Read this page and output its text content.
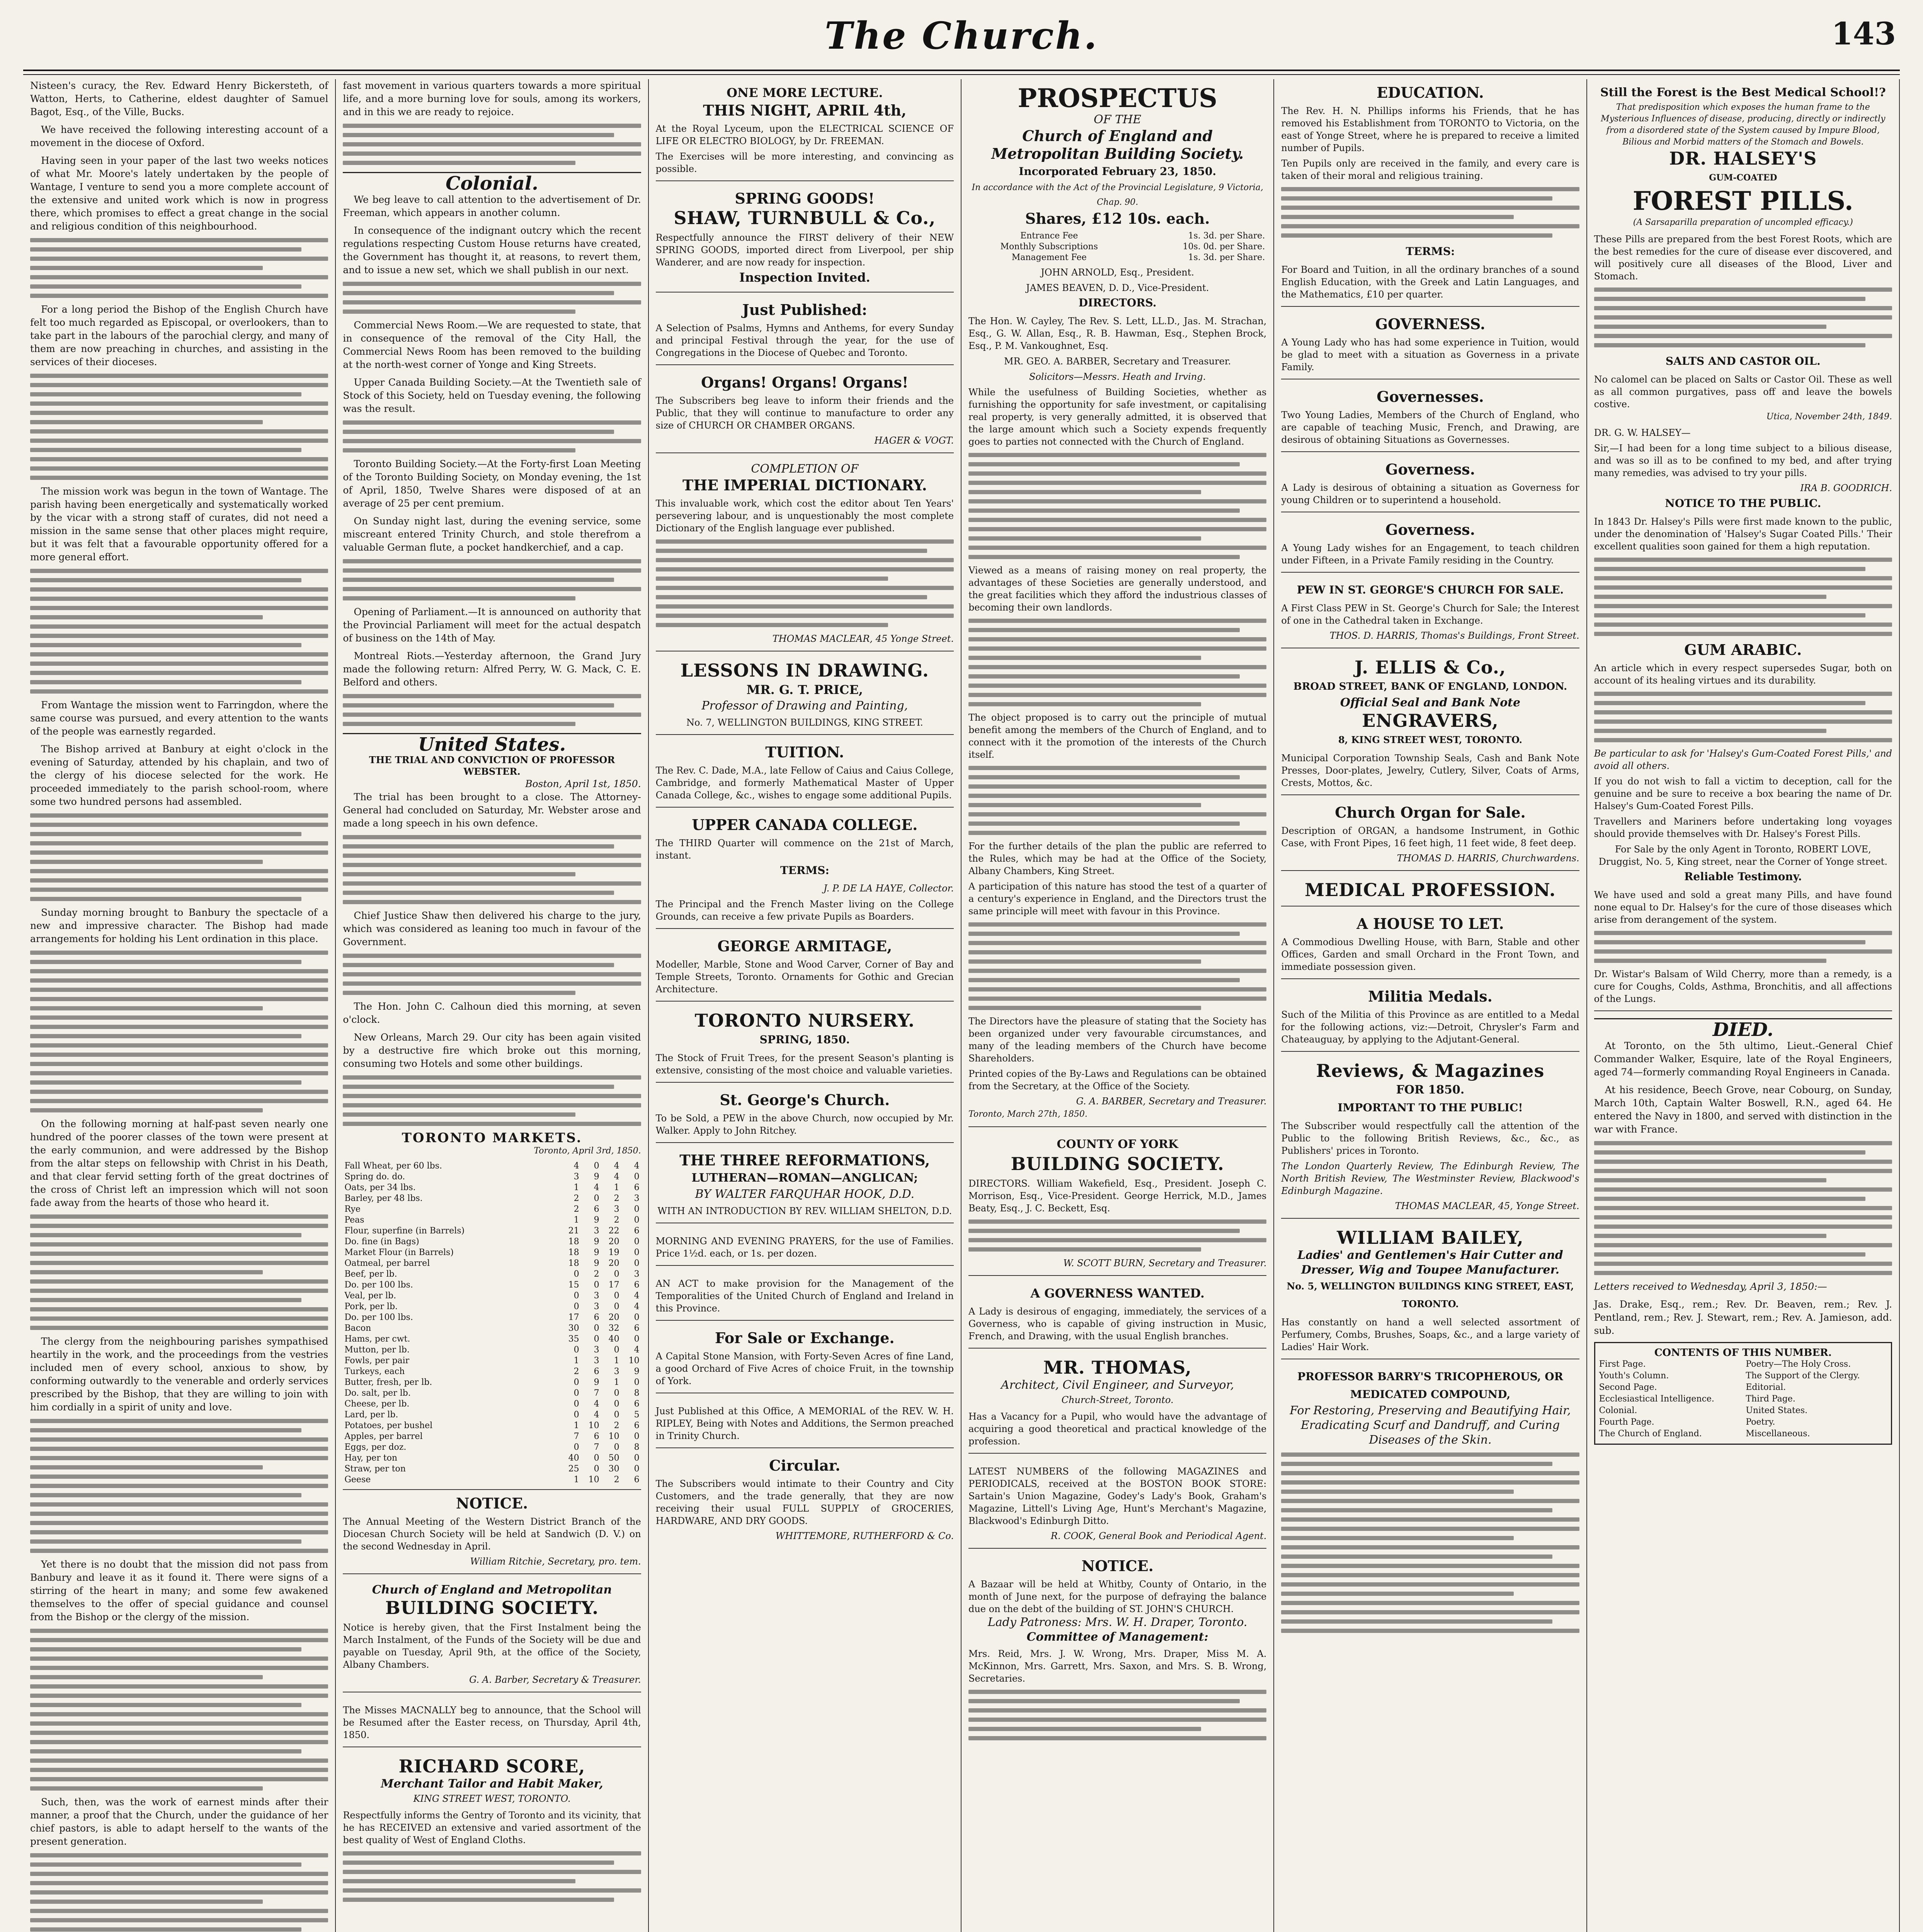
The Church.	143

Nisteen's curacy, the Rev. Edward Henry Bickersteth, of Watton, Herts, to Catherine, eldest daughter of Samuel Bagot, Esq., of the Ville, Bucks.

We have received the following interesting account of a movement in the diocese of Oxford.

Having seen in your paper of the last two weeks notices of what Mr. Moore's lately undertaken by the people of Wantage, I venture to send you a more complete account of the extensive and united work which is now in progress there, which promises to effect a great change in the social and religious condition of this neighbourhood.

For a long period the Bishop of the English Church have felt too much regarded as Episcopal, or overlookers, than to take part in the labours of the parochial clergy, and many of them are now preaching in churches, and assisting in the services of their dioceses.

The mission work was begun in the town of Wantage. The parish having been energetically and systematically worked by the vicar with a strong staff of curates, did not need a mission in the same sense that other places might require, but it was felt that a favourable opportunity offered for a more general effort.

From Wantage the mission went to Farringdon, where the same course was pursued, and every attention to the wants of the people was earnestly regarded.

The Bishop arrived at Banbury at eight o'clock in the evening of Saturday, attended by his chaplain, and two of the clergy of his diocese selected for the work. He proceeded immediately to the parish school-room, where some two hundred persons had assembled.

Sunday morning brought to Banbury the spectacle of a new and impressive character. The Bishop had made arrangements for holding his Lent ordination in this place.

On the following morning at half-past seven nearly one hundred of the poorer classes of the town were present at the early communion, and were addressed by the Bishop from the altar steps on fellowship with Christ in his Death, and that clear fervid setting forth of the great doctrines of the cross of Christ left an impression which will not soon fade away from the hearts of those who heard it.

The clergy from the neighbouring parishes sympathised heartily in the work, and the proceedings from the vestries included men of every school, anxious to show, by conforming outwardly to the venerable and orderly services prescribed by the Bishop, that they are willing to join with him cordially in a spirit of unity and love.

Yet there is no doubt that the mission did not pass from Banbury and leave it as it found it. There were signs of a stirring of the heart in many; and some few awakened themselves to the offer of special guidance and counsel from the Bishop or the clergy of the mission.

Such, then, was the work of earnest minds after their manner, a proof that the Church, under the guidance of her chief pastors, is able to adapt herself to the wants of the present generation.

fast movement in various quarters towards a more spiritual life, and a more burning love for souls, among its workers, and in this we are ready to rejoice.

Colonial.

We beg leave to call attention to the advertisement of Dr. Freeman, which appears in another column.

In consequence of the indignant outcry which the recent regulations respecting Custom House returns have created, the Government has thought it, at reasons, to revert them, and to issue a new set, which we shall publish in our next.

Commercial News Room.—We are requested to state, that in consequence of the removal of the City Hall, the Commercial News Room has been removed to the building at the north-west corner of Yonge and King Streets.

Upper Canada Building Society.—At the Twentieth sale of Stock of this Society, held on Tuesday evening, the following was the result.

Toronto Building Society.—At the Forty-first Loan Meeting of the Toronto Building Society, on Monday evening, the 1st of April, 1850, Twelve Shares were disposed of at an average of 25 per cent premium.

On Sunday night last, during the evening service, some miscreant entered Trinity Church, and stole therefrom a valuable German flute, a pocket handkerchief, and a cap.

Opening of Parliament.—It is announced on authority that the Provincial Parliament will meet for the actual despatch of business on the 14th of May.

Montreal Riots.—Yesterday afternoon, the Grand Jury made the following return: Alfred Perry, W. G. Mack, C. E. Belford and others.

United States.
THE TRIAL AND CONVICTION OF PROFESSOR WEBSTER.
Boston, April 1st, 1850.

The trial has been brought to a close. The Attorney-General had concluded on Saturday, Mr. Webster arose and made a long speech in his own defence.

Chief Justice Shaw then delivered his charge to the jury, which was considered as leaning too much in favour of the Government.

The Hon. John C. Calhoun died this morning, at seven o'clock.

New Orleans, March 29. Our city has been again visited by a destructive fire which broke out this morning, consuming two Hotels and some other buildings.

TORONTO MARKETS.
Toronto, April 3rd, 1850.
Fall Wheat, per 60 lbs.	4	0	4	4
Spring do. do.	3	9	4	0
Oats, per 34 lbs.	1	4	1	6
Barley, per 48 lbs.	2	0	2	3
Rye	2	6	3	0
Peas	1	9	2	0
Flour, superfine (in Barrels)	21	3	22	6
Do. fine (in Bags)	18	9	20	0
Market Flour (in Barrels)	18	9	19	0
Oatmeal, per barrel	18	9	20	0
Beef, per lb.	0	2	0	3
Do. per 100 lbs.	15	0	17	6
Veal, per lb.	0	3	0	4
Pork, per lb.	0	3	0	4
Do. per 100 lbs.	17	6	20	0
Bacon	30	0	32	6
Hams, per cwt.	35	0	40	0
Mutton, per lb.	0	3	0	4
Fowls, per pair	1	3	1	10
Turkeys, each	2	6	3	9
Butter, fresh, per lb.	0	9	1	0
Do. salt, per lb.	0	7	0	8
Cheese, per lb.	0	4	0	6
Lard, per lb.	0	4	0	5
Potatoes, per bushel	1	10	2	6
Apples, per barrel	7	6	10	0
Eggs, per doz.	0	7	0	8
Hay, per ton	40	0	50	0
Straw, per ton	25	0	30	0
Geese	1	10	2	6
NOTICE.
The Annual Meeting of the Western District Branch of the Diocesan Church Society will be held at Sandwich (D. V.) on the second Wednesday in April.
William Ritchie, Secretary, pro. tem.
Church of England and Metropolitan
BUILDING SOCIETY.
Notice is hereby given, that the First Instalment being the March Instalment, of the Funds of the Society will be due and payable on Tuesday, April 9th, at the office of the Society, Albany Chambers.
G. A. Barber, Secretary & Treasurer.
The Misses MACNALLY beg to announce, that the School will be Resumed after the Easter recess, on Thursday, April 4th, 1850.
RICHARD SCORE,
Merchant Tailor and Habit Maker,
KING STREET WEST, TORONTO.
Respectfully informs the Gentry of Toronto and its vicinity, that he has RECEIVED an extensive and varied assortment of the best quality of West of England Cloths.
ONE MORE LECTURE.
THIS NIGHT, APRIL 4th,
At the Royal Lyceum, upon the ELECTRICAL SCIENCE OF LIFE OR ELECTRO BIOLOGY, by Dr. FREEMAN.
The Exercises will be more interesting, and convincing as possible.
SPRING GOODS!
SHAW, TURNBULL & Co.,
Respectfully announce the FIRST delivery of their NEW SPRING GOODS, imported direct from Liverpool, per ship Wanderer, and are now ready for inspection.
Inspection Invited.
Just Published:
A Selection of Psalms, Hymns and Anthems, for every Sunday and principal Festival through the year, for the use of Congregations in the Diocese of Quebec and Toronto.
Organs! Organs! Organs!
The Subscribers beg leave to inform their friends and the Public, that they will continue to manufacture to order any size of CHURCH OR CHAMBER ORGANS.
HAGER & VOGT.
COMPLETION OF
THE IMPERIAL DICTIONARY.
This invaluable work, which cost the editor about Ten Years' persevering labour, and is unquestionably the most complete Dictionary of the English language ever published.
THOMAS MACLEAR, 45 Yonge Street.
LESSONS IN DRAWING.
MR. G. T. PRICE,
Professor of Drawing and Painting,
No. 7, WELLINGTON BUILDINGS, KING STREET.
TUITION.
The Rev. C. Dade, M.A., late Fellow of Caius and Caius College, Cambridge, and formerly Mathematical Master of Upper Canada College, &c., wishes to engage some additional Pupils.
UPPER CANADA COLLEGE.
The THIRD Quarter will commence on the 21st of March, instant.
TERMS:
J. P. DE LA HAYE, Collector.
The Principal and the French Master living on the College Grounds, can receive a few private Pupils as Boarders.
GEORGE ARMITAGE,
Modeller, Marble, Stone and Wood Carver, Corner of Bay and Temple Streets, Toronto. Ornaments for Gothic and Grecian Architecture.
TORONTO NURSERY.
SPRING, 1850.
The Stock of Fruit Trees, for the present Season's planting is extensive, consisting of the most choice and valuable varieties.
St. George's Church.
To be Sold, a PEW in the above Church, now occupied by Mr. Walker. Apply to John Ritchey.
THE THREE REFORMATIONS,
LUTHERAN—ROMAN—ANGLICAN;
BY WALTER FARQUHAR HOOK, D.D.
WITH AN INTRODUCTION BY REV. WILLIAM SHELTON, D.D.
MORNING AND EVENING PRAYERS, for the use of Families. Price 1½d. each, or 1s. per dozen.
AN ACT to make provision for the Management of the Temporalities of the United Church of England and Ireland in this Province.
For Sale or Exchange.
A Capital Stone Mansion, with Forty-Seven Acres of fine Land, a good Orchard of Five Acres of choice Fruit, in the township of York.
Just Published at this Office, A MEMORIAL of the REV. W. H. RIPLEY, Being with Notes and Additions, the Sermon preached in Trinity Church.
Circular.
The Subscribers would intimate to their Country and City Customers, and the trade generally, that they are now receiving their usual FULL SUPPLY of GROCERIES, HARDWARE, AND DRY GOODS.
WHITTEMORE, RUTHERFORD & Co.
PROSPECTUS
OF THE
Church of England and Metropolitan Building Society.
Incorporated February 23, 1850.
In accordance with the Act of the Provincial Legislature, 9 Victoria, Chap. 90.
Shares, £12 10s. each.
Entrance Fee	1s. 3d. per Share.
Monthly Subscriptions	10s. 0d. per Share.
Management Fee	1s. 3d. per Share.
JOHN ARNOLD, Esq., President.
JAMES BEAVEN, D. D., Vice-President.
DIRECTORS.
The Hon. W. Cayley, The Rev. S. Lett, LL.D., Jas. M. Strachan, Esq., G. W. Allan, Esq., R. B. Hawman, Esq., Stephen Brock, Esq., P. M. Vankoughnet, Esq.
MR. GEO. A. BARBER, Secretary and Treasurer.
Solicitors—Messrs. Heath and Irving.
While the usefulness of Building Societies, whether as furnishing the opportunity for safe investment, or capitalising real property, is very generally admitted, it is observed that the large amount which such a Society expends frequently goes to parties not connected with the Church of England.
Viewed as a means of raising money on real property, the advantages of these Societies are generally understood, and the great facilities which they afford the industrious classes of becoming their own landlords.
The object proposed is to carry out the principle of mutual benefit among the members of the Church of England, and to connect with it the promotion of the interests of the Church itself.
For the further details of the plan the public are referred to the Rules, which may be had at the Office of the Society, Albany Chambers, King Street.
A participation of this nature has stood the test of a quarter of a century's experience in England, and the Directors trust the same principle will meet with favour in this Province.
The Directors have the pleasure of stating that the Society has been organized under very favourable circumstances, and many of the leading members of the Church have become Shareholders.
Printed copies of the By-Laws and Regulations can be obtained from the Secretary, at the Office of the Society.
G. A. BARBER, Secretary and Treasurer.
Toronto, March 27th, 1850.
COUNTY OF YORK
BUILDING SOCIETY.
DIRECTORS. William Wakefield, Esq., President. Joseph C. Morrison, Esq., Vice-President. George Herrick, M.D., James Beaty, Esq., J. C. Beckett, Esq.
W. SCOTT BURN, Secretary and Treasurer.
A GOVERNESS WANTED.
A Lady is desirous of engaging, immediately, the services of a Governess, who is capable of giving instruction in Music, French, and Drawing, with the usual English branches.
MR. THOMAS,
Architect, Civil Engineer, and Surveyor,
Church-Street, Toronto.
Has a Vacancy for a Pupil, who would have the advantage of acquiring a good theoretical and practical knowledge of the profession.
LATEST NUMBERS of the following MAGAZINES and PERIODICALS, received at the BOSTON BOOK STORE: Sartain's Union Magazine, Godey's Lady's Book, Graham's Magazine, Littell's Living Age, Hunt's Merchant's Magazine, Blackwood's Edinburgh Ditto.
R. COOK, General Book and Periodical Agent.
NOTICE.
A Bazaar will be held at Whitby, County of Ontario, in the month of June next, for the purpose of defraying the balance due on the debt of the building of ST. JOHN'S CHURCH.
Lady Patroness: Mrs. W. H. Draper, Toronto.
Committee of Management:
Mrs. Reid, Mrs. J. W. Wrong, Mrs. Draper, Miss M. A. McKinnon, Mrs. Garrett, Mrs. Saxon, and Mrs. S. B. Wrong, Secretaries.
EDUCATION.
The Rev. H. N. Phillips informs his Friends, that he has removed his Establishment from TORONTO to Victoria, on the east of Yonge Street, where he is prepared to receive a limited number of Pupils.
Ten Pupils only are received in the family, and every care is taken of their moral and religious training.
TERMS:
For Board and Tuition, in all the ordinary branches of a sound English Education, with the Greek and Latin Languages, and the Mathematics, £10 per quarter.
GOVERNESS.
A Young Lady who has had some experience in Tuition, would be glad to meet with a situation as Governess in a private Family.
Governesses.
Two Young Ladies, Members of the Church of England, who are capable of teaching Music, French, and Drawing, are desirous of obtaining Situations as Governesses.
Governess.
A Lady is desirous of obtaining a situation as Governess for young Children or to superintend a household.
Governess.
A Young Lady wishes for an Engagement, to teach children under Fifteen, in a Private Family residing in the Country.
PEW IN ST. GEORGE'S CHURCH FOR SALE.
A First Class PEW in St. George's Church for Sale; the Interest of one in the Cathedral taken in Exchange.
THOS. D. HARRIS, Thomas's Buildings, Front Street.
J. ELLIS & Co.,
BROAD STREET, BANK OF ENGLAND, LONDON.
Official Seal and Bank Note
ENGRAVERS,
8, KING STREET WEST, TORONTO.
Municipal Corporation Township Seals, Cash and Bank Note Presses, Door-plates, Jewelry, Cutlery, Silver, Coats of Arms, Crests, Mottos, &c.
Church Organ for Sale.
Description of ORGAN, a handsome Instrument, in Gothic Case, with Front Pipes, 16 feet high, 11 feet wide, 8 feet deep.
THOMAS D. HARRIS, Churchwardens.
MEDICAL PROFESSION.
A HOUSE TO LET.
A Commodious Dwelling House, with Barn, Stable and other Offices, Garden and small Orchard in the Front Town, and immediate possession given.
Militia Medals.
Such of the Militia of this Province as are entitled to a Medal for the following actions, viz:—Detroit, Chrysler's Farm and Chateauguay, by applying to the Adjutant-General.
Reviews, & Magazines
FOR 1850.
IMPORTANT TO THE PUBLIC!
The Subscriber would respectfully call the attention of the Public to the following British Reviews, &c., &c., as Publishers' prices in Toronto.
The London Quarterly Review, The Edinburgh Review, The North British Review, The Westminster Review, Blackwood's Edinburgh Magazine.
THOMAS MACLEAR, 45, Yonge Street.
WILLIAM BAILEY,
Ladies' and Gentlemen's Hair Cutter and Dresser, Wig and Toupee Manufacturer.
No. 5, WELLINGTON BUILDINGS KING STREET, EAST, TORONTO.
Has constantly on hand a well selected assortment of Perfumery, Combs, Brushes, Soaps, &c., and a large variety of Ladies' Hair Work.
PROFESSOR BARRY'S TRICOPHEROUS, OR MEDICATED COMPOUND,
For Restoring, Preserving and Beautifying Hair, Eradicating Scurf and Dandruff, and Curing Diseases of the Skin.
Still the Forest is the Best Medical School!?
That predisposition which exposes the human frame to the Mysterious Influences of disease, producing, directly or indirectly from a disordered state of the System caused by Impure Blood, Bilious and Morbid matters of the Stomach and Bowels.
DR. HALSEY'S
GUM-COATED
FOREST PILLS.
(A Sarsaparilla preparation of uncompled efficacy.)
These Pills are prepared from the best Forest Roots, which are the best remedies for the cure of disease ever discovered, and will positively cure all diseases of the Blood, Liver and Stomach.
SALTS AND CASTOR OIL.
No calomel can be placed on Salts or Castor Oil. These as well as all common purgatives, pass off and leave the bowels costive.
Utica, November 24th, 1849.
DR. G. W. HALSEY—
Sir,—I had been for a long time subject to a bilious disease, and was so ill as to be confined to my bed, and after trying many remedies, was advised to try your pills.
IRA B. GOODRICH.
NOTICE TO THE PUBLIC.
In 1843 Dr. Halsey's Pills were first made known to the public, under the denomination of 'Halsey's Sugar Coated Pills.' Their excellent qualities soon gained for them a high reputation.
GUM ARABIC.
An article which in every respect supersedes Sugar, both on account of its healing virtues and its durability.
Be particular to ask for 'Halsey's Gum-Coated Forest Pills,' and avoid all others.
If you do not wish to fall a victim to deception, call for the genuine and be sure to receive a box bearing the name of Dr. Halsey's Gum-Coated Forest Pills.
Travellers and Mariners before undertaking long voyages should provide themselves with Dr. Halsey's Forest Pills.
For Sale by the only Agent in Toronto, ROBERT LOVE, Druggist, No. 5, King street, near the Corner of Yonge street.
Reliable Testimony.
We have used and sold a great many Pills, and have found none equal to Dr. Halsey's for the cure of those diseases which arise from derangement of the system.
Dr. Wistar's Balsam of Wild Cherry, more than a remedy, is a cure for Coughs, Colds, Asthma, Bronchitis, and all affections of the Lungs.
DIED.

At Toronto, on the 5th ultimo, Lieut.-General Chief Commander Walker, Esquire, late of the Royal Engineers, aged 74—formerly commanding Royal Engineers in Canada.

At his residence, Beech Grove, near Cobourg, on Sunday, March 10th, Captain Walter Boswell, R.N., aged 64. He entered the Navy in 1800, and served with distinction in the war with France.

Letters received to Wednesday, April 3, 1850:—

Jas. Drake, Esq., rem.; Rev. Dr. Beaven, rem.; Rev. J. Pentland, rem.; Rev. J. Stewart, rem.; Rev. A. Jamieson, add. sub.

CONTENTS OF THIS NUMBER.
First Page.	Poetry—The Holy Cross.
Youth's Column.	The Support of the Clergy.
Second Page.	Editorial.
Ecclesiastical Intelligence.	Third Page.
Colonial.	United States.
Fourth Page.	Poetry.
The Church of England.	Miscellaneous.
